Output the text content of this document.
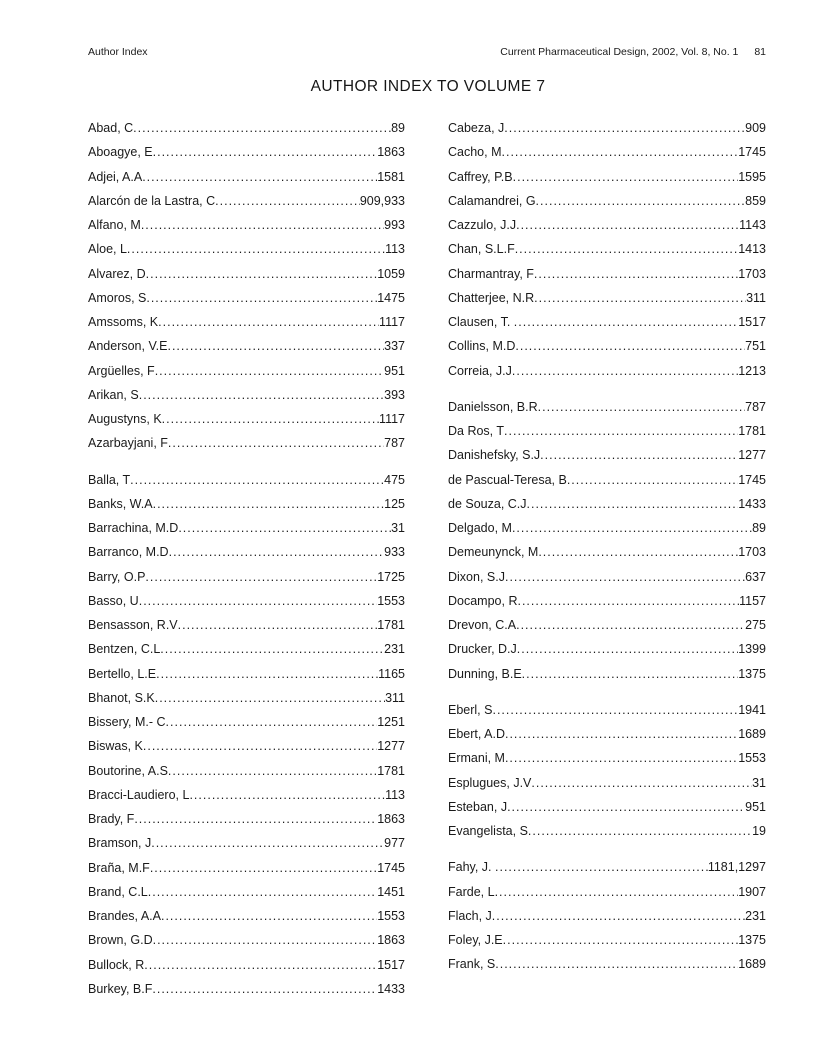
Author Index	Current Pharmaceutical Design, 2002, Vol. 8, No. 1 81
AUTHOR INDEX TO VOLUME 7
Abad, C .....	89
Aboagye, E .....	1863
Adjei, A.A .....	1581
Alarcón de la Lastra, C .....	909,933
Alfano, M .....	993
Aloe, L .....	113
Alvarez, D .....	1059
Amoros, S .....	1475
Amssoms, K .....	1117
Anderson, V.E .....	337
Argüelles, F .....	951
Arikan, S .....	393
Augustyns, K .....	1117
Azarbayjani, F .....	787
Balla, T .....	475
Banks, W.A .....	125
Barrachina, M.D .....	31
Barranco, M.D .....	933
Barry, O.P .....	1725
Basso, U .....	1553
Bensasson, R.V .....	1781
Bentzen, C.L .....	231
Bertello, L.E .....	1165
Bhanot, S.K .....	311
Bissery, M.- C .....	1251
Biswas, K .....	1277
Boutorine, A.S .....	1781
Bracci-Laudiero, L .....	113
Brady, F .....	1863
Bramson, J .....	977
Braña, M.F .....	1745
Brand, C.L .....	1451
Brandes, A.A .....	1553
Brown, G.D .....	1863
Bullock, R .....	1517
Burkey, B.F .....	1433
Cabeza, J .....	909
Cacho, M .....	1745
Caffrey, P.B .....	1595
Calamandrei, G .....	859
Cazzulo, J.J .....	1143
Chan, S.L.F .....	1413
Charmantray, F .....	1703
Chatterjee, N.R .....	311
Clausen, T. .....	1517
Collins, M.D .....	751
Correia, J.J .....	1213
Danielsson, B.R .....	787
Da Ros, T .....	1781
Danishefsky, S.J .....	1277
de Pascual-Teresa, B .....	1745
de Souza, C.J .....	1433
Delgado, M .....	89
Demeunynck, M .....	1703
Dixon, S.J .....	637
Docampo, R .....	1157
Drevon, C.A .....	275
Drucker, D.J .....	1399
Dunning, B.E .....	1375
Eberl, S .....	1941
Ebert, A.D .....	1689
Ermani, M .....	1553
Esplugues, J.V .....	31
Esteban, J .....	951
Evangelista, S .....	19
Fahy, J. .....	1181,1297
Farde, L .....	1907
Flach, J .....	231
Foley, J.E .....	1375
Frank, S .....	1689
